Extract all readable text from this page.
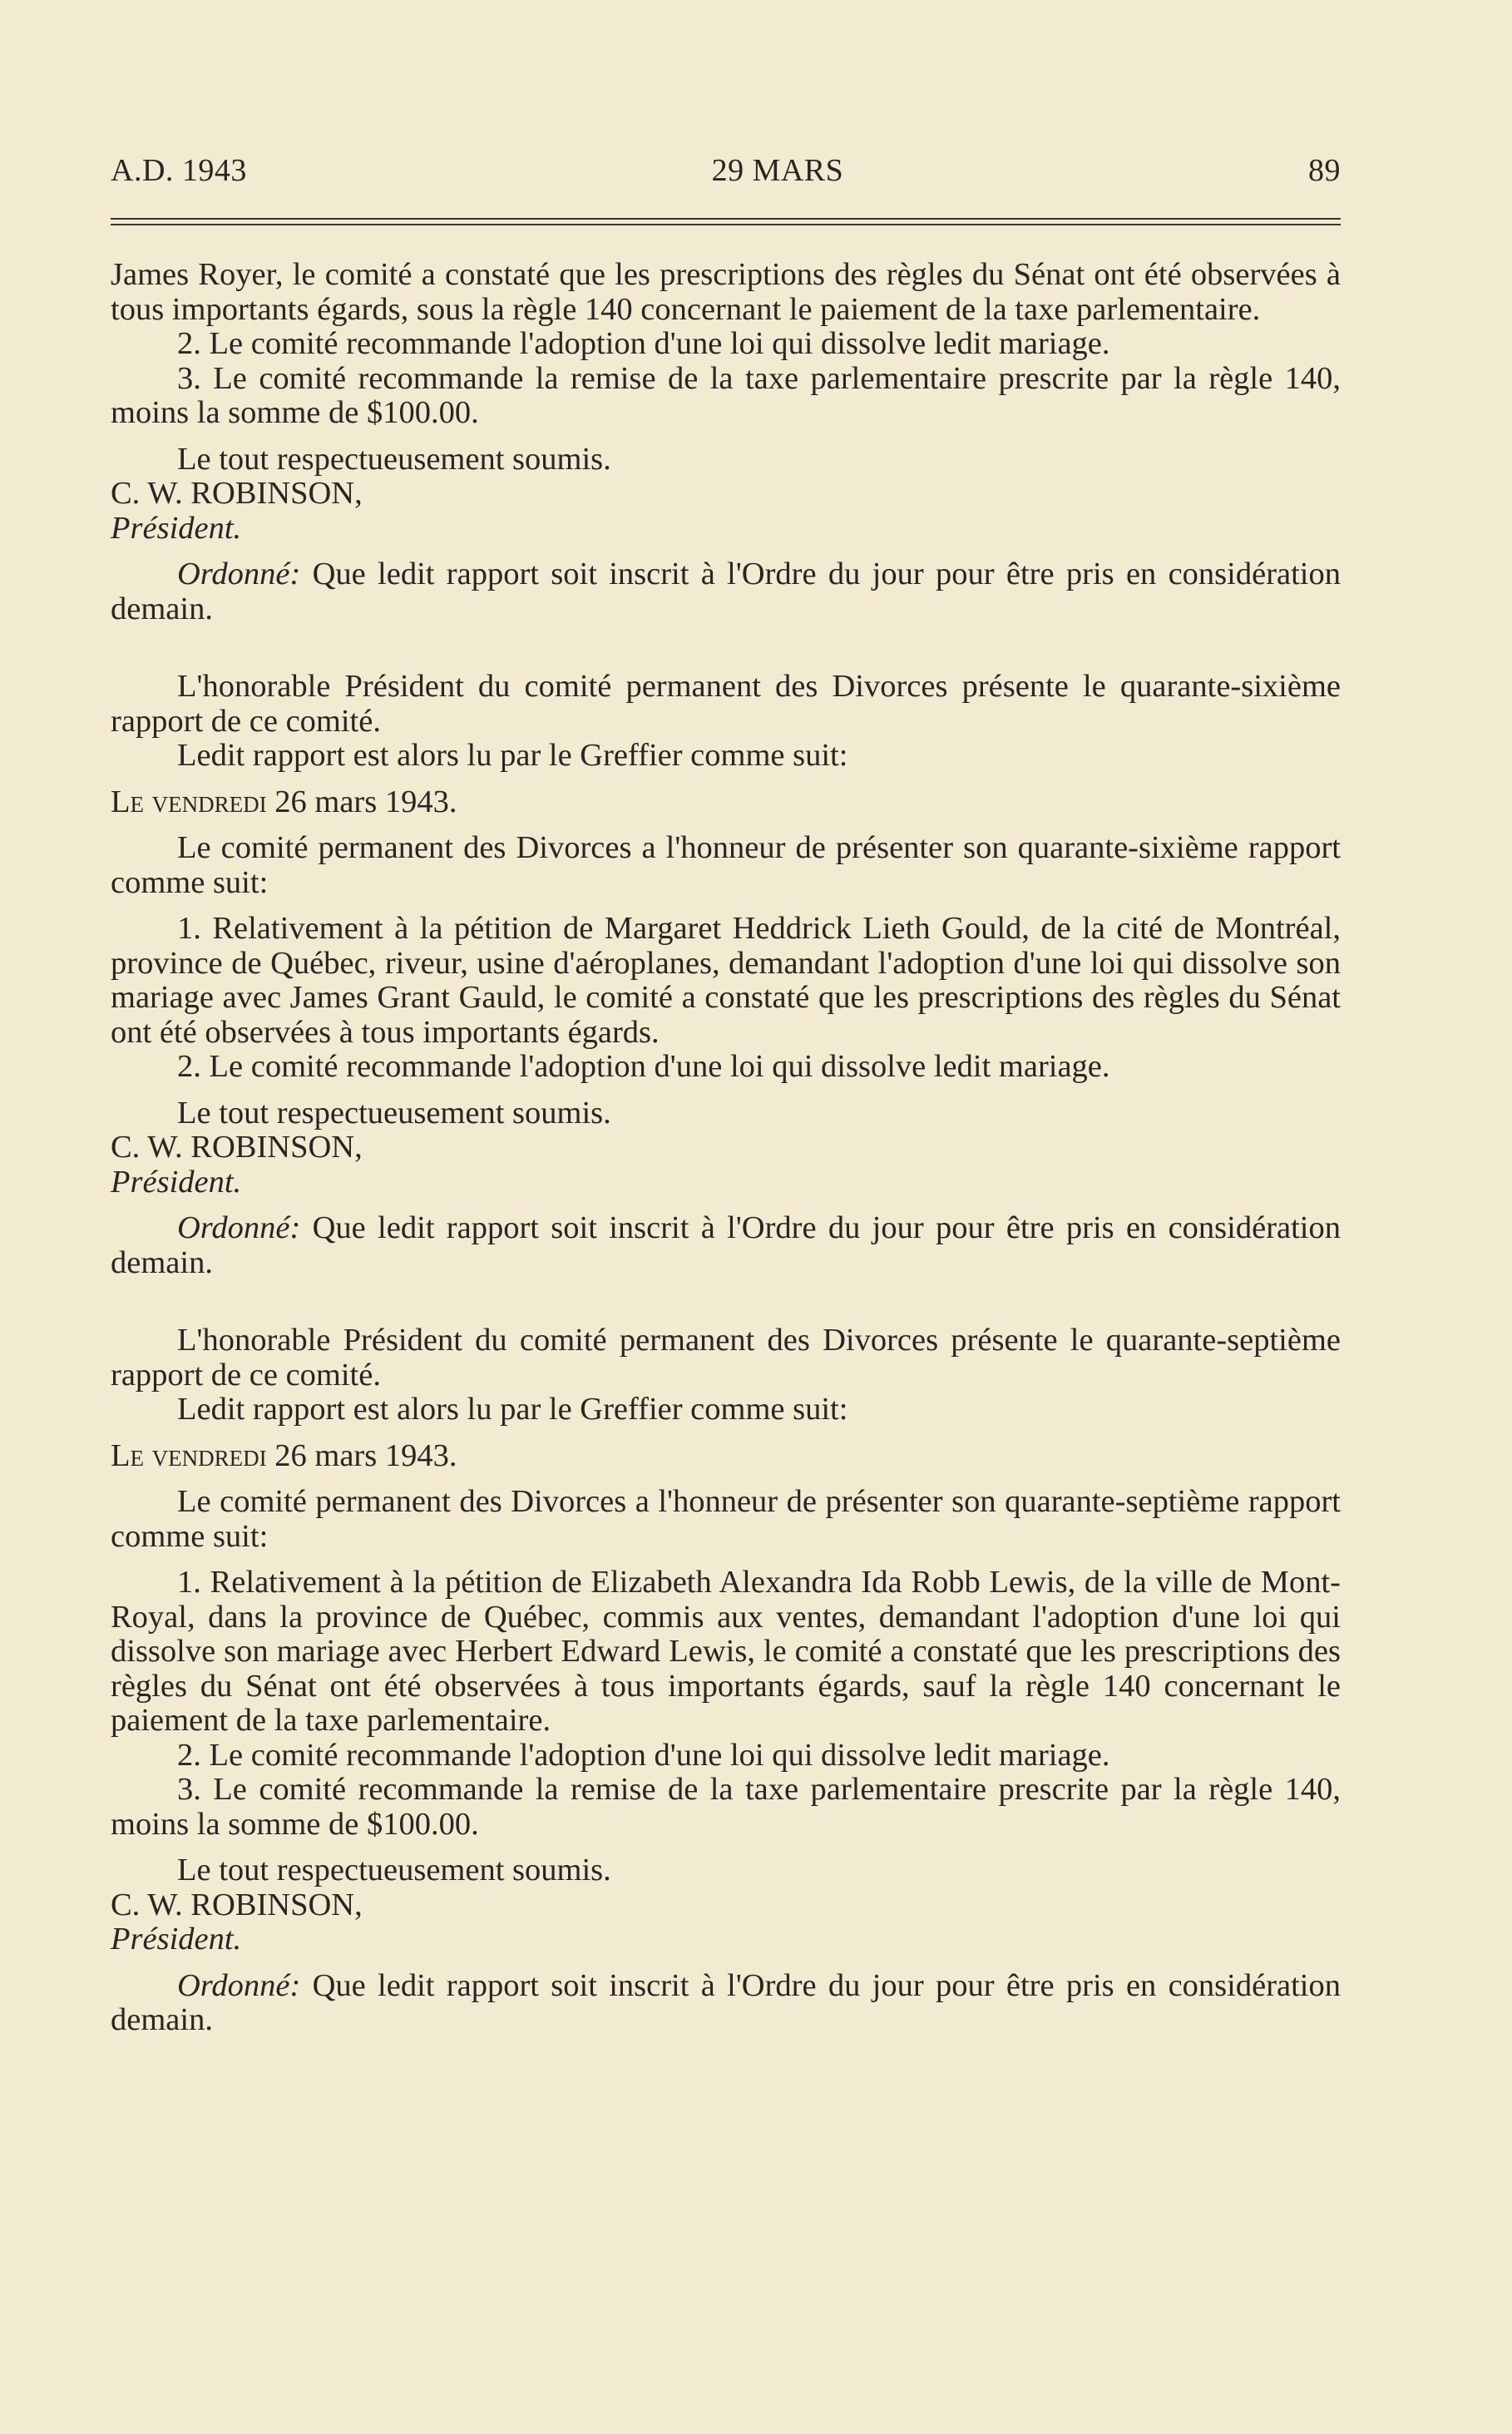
A.D. 1943	29 MARS	89

James Royer, le comité a constaté que les prescriptions des règles du Sénat ont été observées à tous importants égards, sous la règle 140 concernant le paiement de la taxe parlementaire.

2. Le comité recommande l'adoption d'une loi qui dissolve ledit mariage.

3. Le comité recommande la remise de la taxe parlementaire prescrite par la règle 140, moins la somme de $100.00.

Le tout respectueusement soumis.

C. W. ROBINSON,

Président.

Ordonné: Que ledit rapport soit inscrit à l'Ordre du jour pour être pris en considération demain.

L'honorable Président du comité permanent des Divorces présente le quarante-sixième rapport de ce comité.

Ledit rapport est alors lu par le Greffier comme suit:

Le vendredi 26 mars 1943.

Le comité permanent des Divorces a l'honneur de présenter son quarante-sixième rapport comme suit:

1. Relativement à la pétition de Margaret Heddrick Lieth Gould, de la cité de Montréal, province de Québec, riveur, usine d'aéroplanes, demandant l'adoption d'une loi qui dissolve son mariage avec James Grant Gauld, le comité a constaté que les prescriptions des règles du Sénat ont été observées à tous importants égards.

2. Le comité recommande l'adoption d'une loi qui dissolve ledit mariage.

Le tout respectueusement soumis.

C. W. ROBINSON,

Président.

Ordonné: Que ledit rapport soit inscrit à l'Ordre du jour pour être pris en considération demain.

L'honorable Président du comité permanent des Divorces présente le quarante-septième rapport de ce comité.

Ledit rapport est alors lu par le Greffier comme suit:

Le vendredi 26 mars 1943.

Le comité permanent des Divorces a l'honneur de présenter son quarante-septième rapport comme suit:

1. Relativement à la pétition de Elizabeth Alexandra Ida Robb Lewis, de la ville de Mont-Royal, dans la province de Québec, commis aux ventes, demandant l'adoption d'une loi qui dissolve son mariage avec Herbert Edward Lewis, le comité a constaté que les prescriptions des règles du Sénat ont été observées à tous importants égards, sauf la règle 140 concernant le paiement de la taxe parlementaire.

2. Le comité recommande l'adoption d'une loi qui dissolve ledit mariage.

3. Le comité recommande la remise de la taxe parlementaire prescrite par la règle 140, moins la somme de $100.00.

Le tout respectueusement soumis.

C. W. ROBINSON,

Président.

Ordonné: Que ledit rapport soit inscrit à l'Ordre du jour pour être pris en considération demain.
